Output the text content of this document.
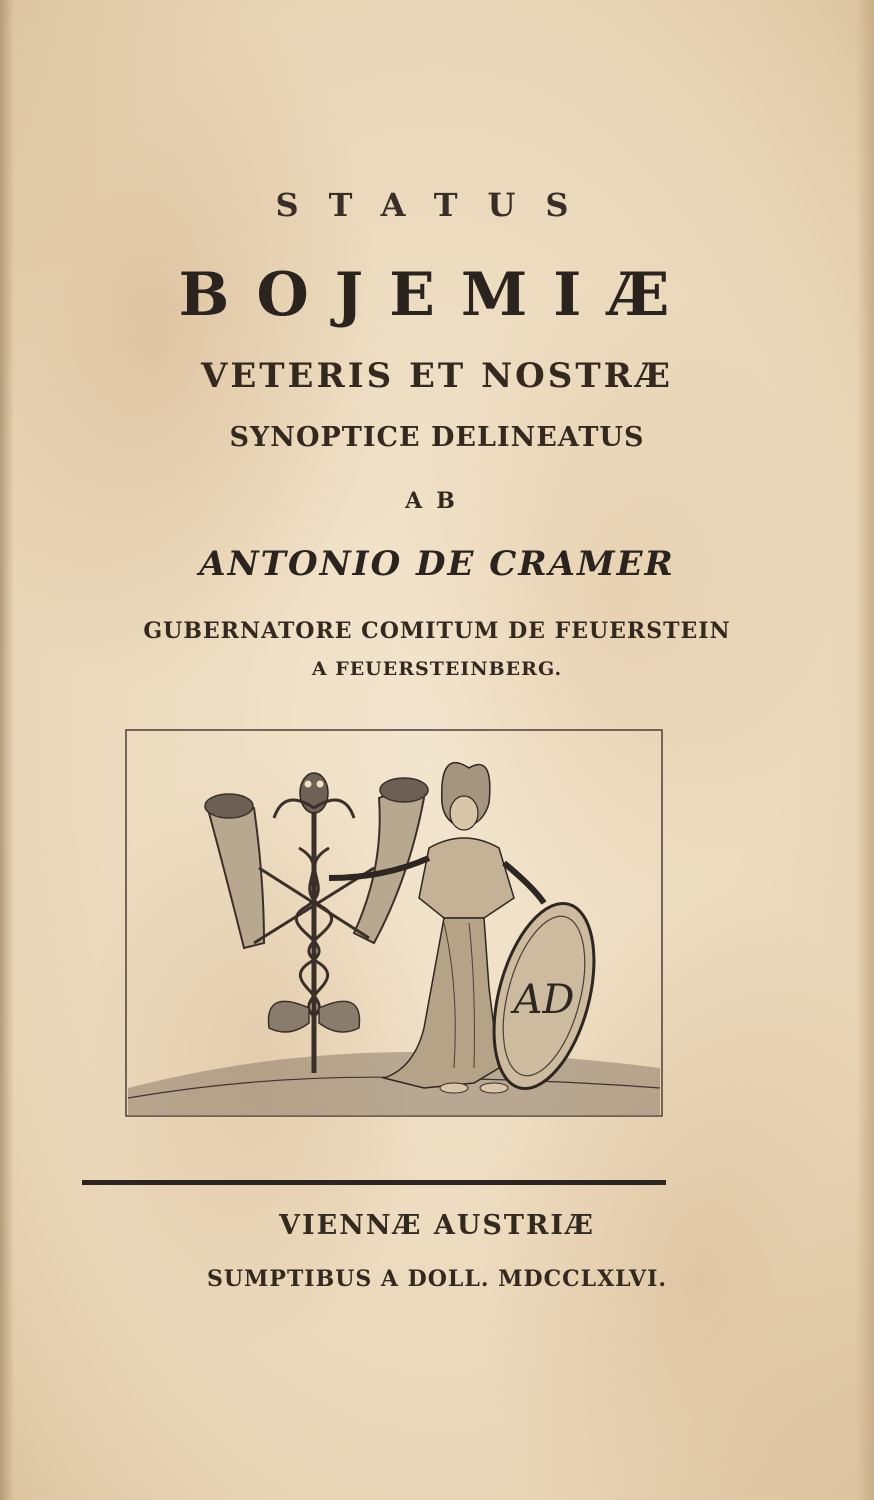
STATUS
BOJEMIÆ
VETERIS ET NOSTRÆ
SYNOPTICE DELINEATUS
AB
ANTONIO DE CRAMER
GUBERNATORE COMITUM DE FEUERSTEIN
A FEUERSTEINBERG.
AD
VIENNÆ AUSTRIÆ
SUMPTIBUS A DOLL. MDCCLXLVI.
